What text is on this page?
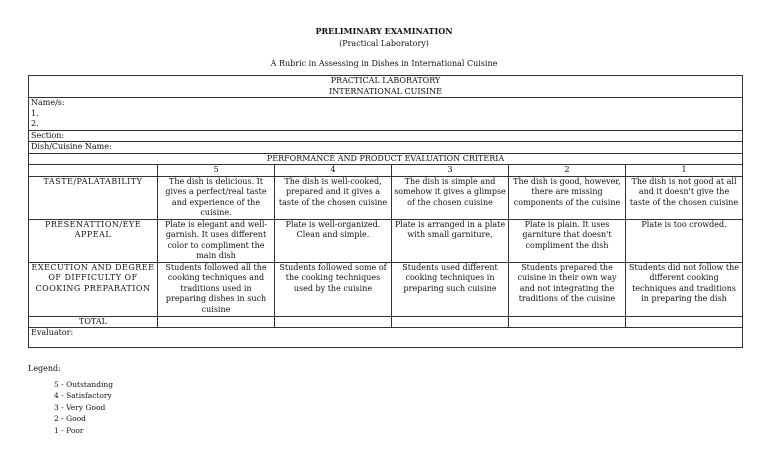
PRELIMINARY EXAMINATION
(Practical Laboratory)
A Rubric in Assessing in Dishes in International Cuisine
PRACTICAL LABORATORY
INTERNATIONAL CUISINE					

Name/s:
1.
2.					

Section:					
Dish/Cuisine Name:					
PERFORMANCE AND PRODUCT EVALUATION CRITERIA					
	5	4	3	2	1
TASTE/PALATABILITY	The dish is delicious. It gives a perfect/real taste and experience of the cuisine.	The dish is well-cooked, prepared and it gives a taste of the chosen cuisine	The dish is simple and somehow it gives a glimpse of the chosen cuisine	The dish is good, however, there are missing components of the cuisine	The dish is not good at all and it doesn't give the taste of the chosen cuisine
PRESENATTION/EYE APPEAL	Plate is elegant and well-garnish. It uses different color to compliment the main dish	Plate is well-organized. Clean and simple.	Plate is arranged in a plate with small garniture,	Plate is plain. It uses garniture that doesn't compliment the dish	Plate is too crowded.
EXECUTION AND DEGREE OF DIFFICULTY OF COOKING PREPARATION	Students followed all the cooking techniques and traditions used in preparing dishes in such cuisine	Students followed some of the cooking techniques used by the cuisine	Students used different cooking techniques in preparing such cuisine	Students prepared the cuisine in their own way and not integrating the traditions of the cuisine	Students did not follow the different cooking techniques and traditions in preparing the dish
TOTAL					
Evaluator:					
Legend:
5 - Outstanding
4 - Satisfactory
3 - Very Good
2 - Good
1 - Poor
